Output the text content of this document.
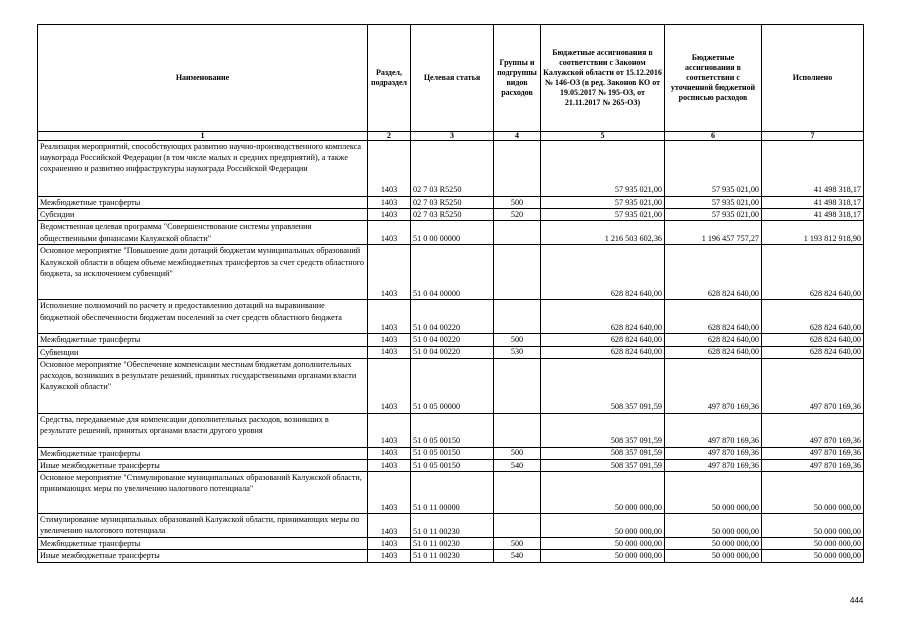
Наименование	Раздел, подраздел	Целевая статья	Группы и подгруппы видов расходов	Бюджетные ассигнования в соответствии с Законом Калужской области от 15.12.2016 № 146-ОЗ (в ред. Законов КО от 19.05.2017 № 195-ОЗ, от 21.11.2017 № 265-ОЗ)	Бюджетные ассигнования в соответствии с уточненной бюджетной росписью расходов	Исполнено
1	2	3	4	5	6	7
Реализация мероприятий, способствующих развитию научно-производственного комплекса наукограда Российской Федерации (в том числе малых и средних предприятий), а также сохранению и развитию инфраструктуры наукограда Российской Федерации	1403	02 7 03 R5250		57 935 021,00	57 935 021,00	41 498 318,17
Межбюджетные трансферты	1403	02 7 03 R5250	500	57 935 021,00	57 935 021,00	41 498 318,17
Субсидии	1403	02 7 03 R5250	520	57 935 021,00	57 935 021,00	41 498 318,17
Ведомственная целевая программа "Совершенствование системы управления общественными финансами Калужской области"	1403	51 0 00 00000		1 216 503 602,36	1 196 457 757,27	1 193 812 918,90
Основное мероприятие "Повышение доли дотаций бюджетам муниципальных образований Калужской области в общем объеме межбюджетных трансфертов за счет средств областного бюджета, за исключением субвенций"	1403	51 0 04 00000		628 824 640,00	628 824 640,00	628 824 640,00
Исполнение полномочий по расчету и предоставлению дотаций на выравнивание бюджетной обеспеченности бюджетам поселений за счет средств областного бюджета	1403	51 0 04 00220		628 824 640,00	628 824 640,00	628 824 640,00
Межбюджетные трансферты	1403	51 0 04 00220	500	628 824 640,00	628 824 640,00	628 824 640,00
Субвенции	1403	51 0 04 00220	530	628 824 640,00	628 824 640,00	628 824 640,00
Основное мероприятие "Обеспечение компенсации местным бюджетам дополнительных расходов, возникших в результате решений, принятых государственными органами власти Калужской области"	1403	51 0 05 00000		508 357 091,59	497 870 169,36	497 870 169,36
Средства, передаваемые для компенсации дополнительных расходов, возникших в результате решений, принятых органами власти другого уровня	1403	51 0 05 00150		508 357 091,59	497 870 169,36	497 870 169,36
Межбюджетные трансферты	1403	51 0 05 00150	500	508 357 091,59	497 870 169,36	497 870 169,36
Иные межбюджетные трансферты	1403	51 0 05 00150	540	508 357 091,59	497 870 169,36	497 870 169,36
Основное мероприятие "Стимулирование муниципальных образований Калужской области, принимающих меры по увеличению налогового потенциала"	1403	51 0 11 00000		50 000 000,00	50 000 000,00	50 000 000,00
Стимулирование муниципальных образований Калужской области, принимающих меры по увеличению налогового потенциала	1403	51 0 11 00230		50 000 000,00	50 000 000,00	50 000 000,00
Межбюджетные трансферты	1403	51 0 11 00230	500	50 000 000,00	50 000 000,00	50 000 000,00
Иные межбюджетные трансферты	1403	51 0 11 00230	540	50 000 000,00	50 000 000,00	50 000 000,00
444
